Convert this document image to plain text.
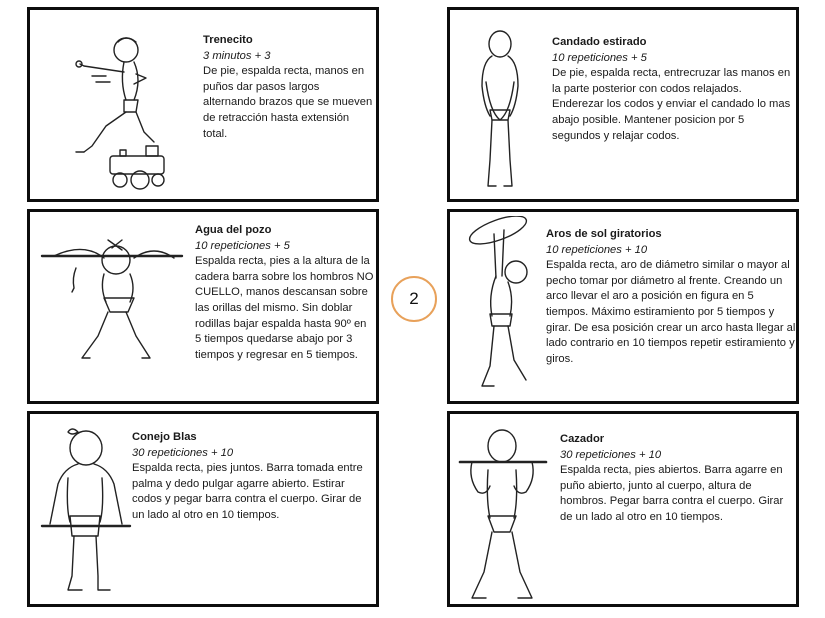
Trenecito
3 minutos + 3
De pie, espalda recta, manos en puños dar pasos largos alternando brazos que se mueven de retracción hasta extensión total.
Candado estirado
10 repeticiones + 5
De pie, espalda recta, entrecruzar las manos en la parte posterior con codos relajados. Enderezar los codos y enviar el candado lo mas abajo posible. Mantener posicion por 5 segundos y relajar codos.
Agua del pozo
10 repeticiones + 5
Espalda recta, pies a la altura de la cadera barra sobre los hombros NO CUELLO, manos descansan sobre las orillas del mismo. Sin doblar rodillas bajar espalda hasta 90º en 5 tiempos quedarse abajo por 3 tiempos y regresar en 5 tiempos.
Aros de sol giratorios
10 repeticiones + 10
Espalda recta, aro de diámetro similar o mayor al pecho tomar por diámetro al frente. Creando un arco llevar el aro a posición en figura en 5 tiempos. Máximo estiramiento por 5 tiempos y girar. De esa posición crear un arco hasta llegar al lado contrario en 10 tiempos repetir estiramiento y giros.
Conejo Blas
30 repeticiones + 10
Espalda recta, pies juntos. Barra tomada entre palma y dedo pulgar agarre abierto. Estirar codos y pegar barra contra el cuerpo. Girar de un lado al otro en 10 tiempos.
Cazador
30 repeticiones + 10
Espalda recta, pies abiertos. Barra agarre en puño abierto, junto al cuerpo, altura de hombros. Pegar barra contra el cuerpo. Girar de un lado al otro en 10 tiempos.
2
